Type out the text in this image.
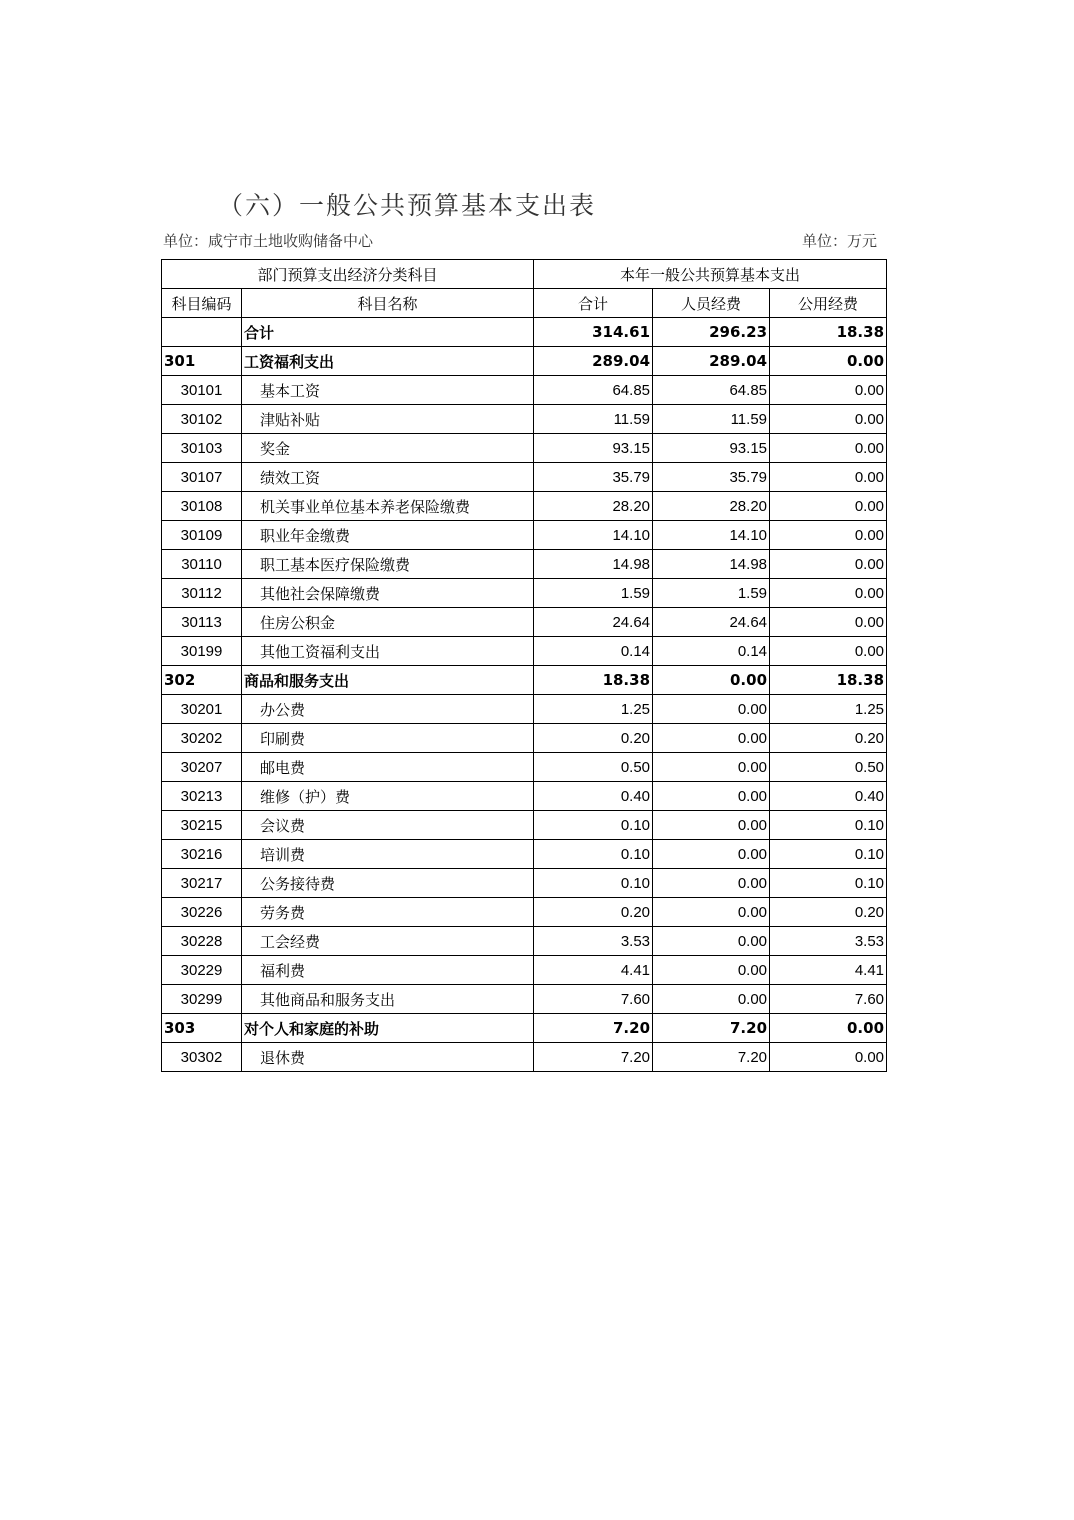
（六）一般公共预算基本支出表
单位：咸宁市土地收购储备中心	单位：万元
部门预算支出经济分类科目		本年一般公共预算基本支出		
科目编码	科目名称	合计	人员经费	公用经费
	合计	314.61	296.23	18.38
301	工资福利支出	289.04	289.04	0.00
30101	基本工资	64.85	64.85	0.00
30102	津贴补贴	11.59	11.59	0.00
30103	奖金	93.15	93.15	0.00
30107	绩效工资	35.79	35.79	0.00
30108	机关事业单位基本养老保险缴费	28.20	28.20	0.00
30109	职业年金缴费	14.10	14.10	0.00
30110	职工基本医疗保险缴费	14.98	14.98	0.00
30112	其他社会保障缴费	1.59	1.59	0.00
30113	住房公积金	24.64	24.64	0.00
30199	其他工资福利支出	0.14	0.14	0.00
302	商品和服务支出	18.38	0.00	18.38
30201	办公费	1.25	0.00	1.25
30202	印刷费	0.20	0.00	0.20
30207	邮电费	0.50	0.00	0.50
30213	维修（护）费	0.40	0.00	0.40
30215	会议费	0.10	0.00	0.10
30216	培训费	0.10	0.00	0.10
30217	公务接待费	0.10	0.00	0.10
30226	劳务费	0.20	0.00	0.20
30228	工会经费	3.53	0.00	3.53
30229	福利费	4.41	0.00	4.41
30299	其他商品和服务支出	7.60	0.00	7.60
303	对个人和家庭的补助	7.20	7.20	0.00
30302	退休费	7.20	7.20	0.00
